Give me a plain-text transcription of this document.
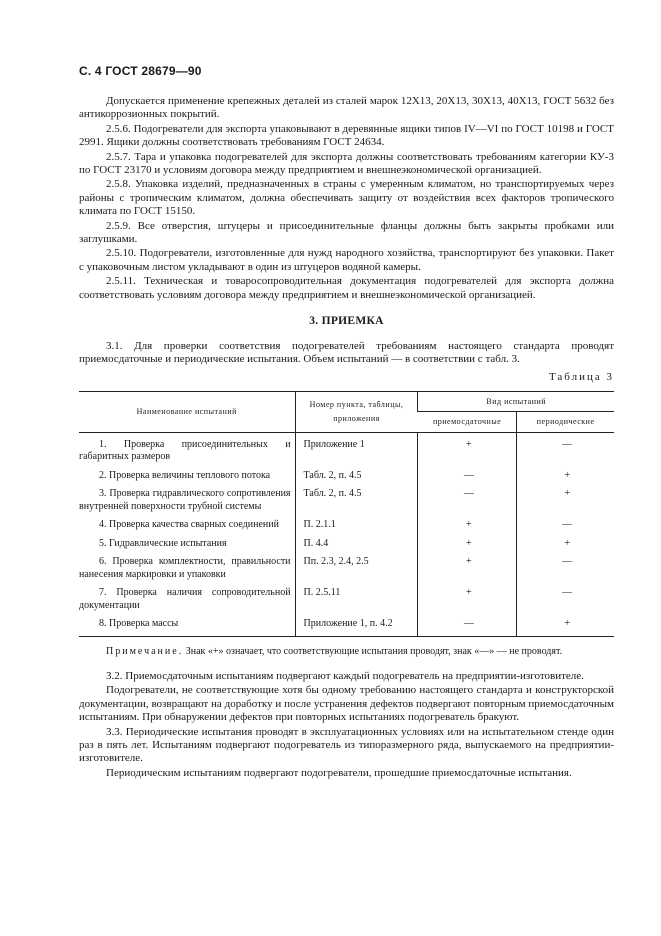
С. 4 ГОСТ 28679—90

Допускается применение крепежных деталей из сталей марок 12Х13, 20Х13, 30Х13, 40Х13, ГОСТ 5632 без антикоррозионных покрытий.

2.5.6. Подогреватели для экспорта упаковывают в деревянные ящики типов IV—VI по ГОСТ 10198 и ГОСТ 2991. Ящики должны соответствовать требованиям ГОСТ 24634.

2.5.7. Тара и упаковка подогревателей для экспорта должны соответствовать требованиям категории КУ-3 по ГОСТ 23170 и условиям договора между предприятием и внешнеэкономической организацией.

2.5.8. Упаковка изделий, предназначенных в страны с умеренным климатом, но транспортируемых через районы с тропическим климатом, должна обеспечивать защиту от воздействия всех факторов тропического климата по ГОСТ 15150.

2.5.9. Все отверстия, штуцеры и присоединительные фланцы должны быть закрыты пробками или заглушками.

2.5.10. Подогреватели, изготовленные для нужд народного хозяйства, транспортируют без упаковки. Пакет с упаковочным листом укладывают в один из штуцеров водяной камеры.

2.5.11. Техническая и товаросопроводительная документация подогревателей для экспорта должна соответствовать условиям договора между предприятием и внешнеэкономической организацией.

3. ПРИЕМКА

3.1. Для проверки соответствия подогревателей требованиям настоящего стандарта проводят приемосдаточные и периодические испытания. Объем испытаний — в соответствии с табл. 3.

Таблица 3
Наименование испытаний	Номер пункта, таблицы, приложения	Вид испытаний	
		приемосдаточные	периодические
1. Проверка присоединительных и габаритных размеров	Приложение 1	+	—
2. Проверка величины теплового потока	Табл. 2, п. 4.5	—	+
3. Проверка гидравлического сопротивления внутренней поверхности трубной системы	Табл. 2, п. 4.5	—	+
4. Проверка качества сварных соединений	П. 2.1.1	+	—
5. Гидравлические испытания	П. 4.4	+	+
6. Проверка комплектности, правильности нанесения маркировки и упаковки	Пп. 2.3, 2.4, 2.5	+	—
7. Проверка наличия сопроводительной документации	П. 2.5.11	+	—
8. Проверка массы	Приложение 1, п. 4.2	—	+

Примечание. Знак «+» означает, что соответствующие испытания проводят, знак «—» — не проводят.

3.2. Приемосдаточным испытаниям подвергают каждый подогреватель на предприятии-изготовителе.

Подогреватели, не соответствующие хотя бы одному требованию настоящего стандарта и конструкторской документации, возвращают на доработку и после устранения дефектов подвергают повторным приемосдаточным испытаниям. При обнаружении дефектов при повторных испытаниях подогреватель бракуют.

3.3. Периодические испытания проводят в эксплуатационных условиях или на испытательном стенде один раз в пять лет. Испытаниям подвергают подогреватель из типоразмерного ряда, выпускаемого на предприятии-изготовителе.

Периодическим испытаниям подвергают подогреватели, прошедшие приемосдаточные испытания.
